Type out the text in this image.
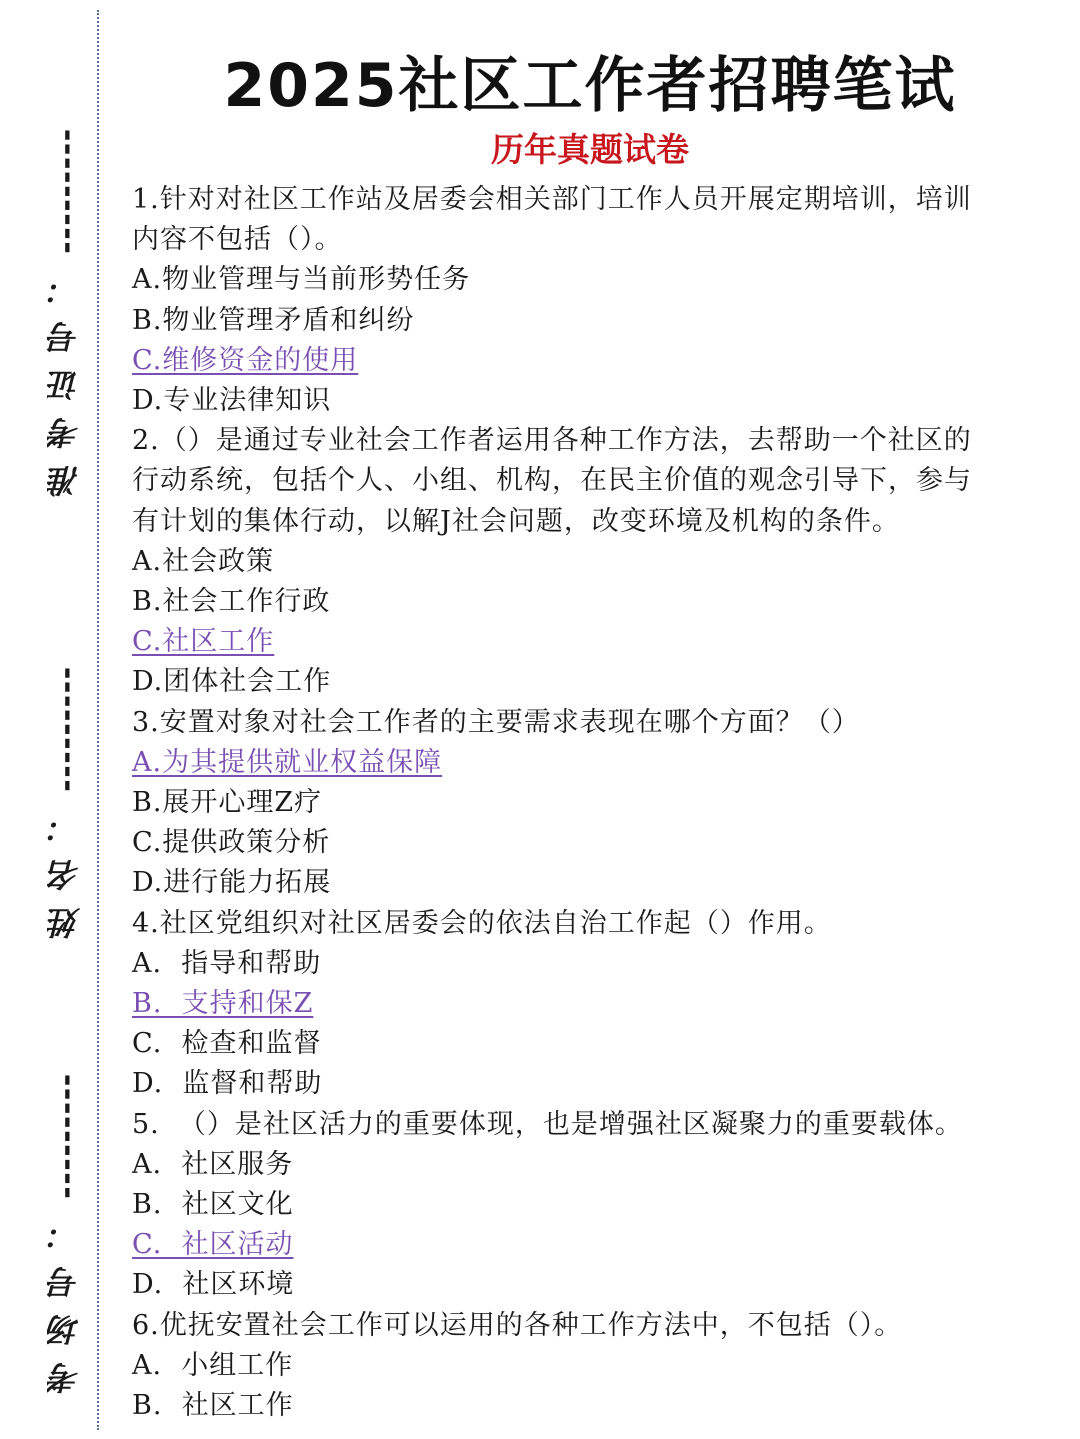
---------
准考证号：
---------
姓名：
---------
考场号：
2025社区工作者招聘笔试
历年真题试卷
1.针对对社区工作站及居委会相关部门工作人员开展定期培训，培训
内容不包括（）。
A.物业管理与当前形势任务
B.物业管理矛盾和纠纷
C.维修资金的使用
D.专业法律知识
2.（）是通过专业社会工作者运用各种工作方法，去帮助一个社区的
行动系统，包括个人、小组、机构，在民主价值的观念引导下，参与
有计划的集体行动，以解J社会问题，改变环境及机构的条件。
A.社会政策
B.社会工作行政
C.社区工作
D.团体社会工作
3.安置对象对社会工作者的主要需求表现在哪个方面？（）
A.为其提供就业权益保障
B.展开心理Z疗
C.提供政策分析
D.进行能力拓展
4.社区党组织对社区居委会的依法自治工作起（）作用。
A.  指导和帮助
B.  支持和保Z
C.  检查和监督
D.  监督和帮助
5.  （）是社区活力的重要体现，也是增强社区凝聚力的重要载体。
A.  社区服务
B.  社区文化
C.  社区活动
D.  社区环境
6.优抚安置社会工作可以运用的各种工作方法中，不包括（）。
A.  小组工作
B.  社区工作
